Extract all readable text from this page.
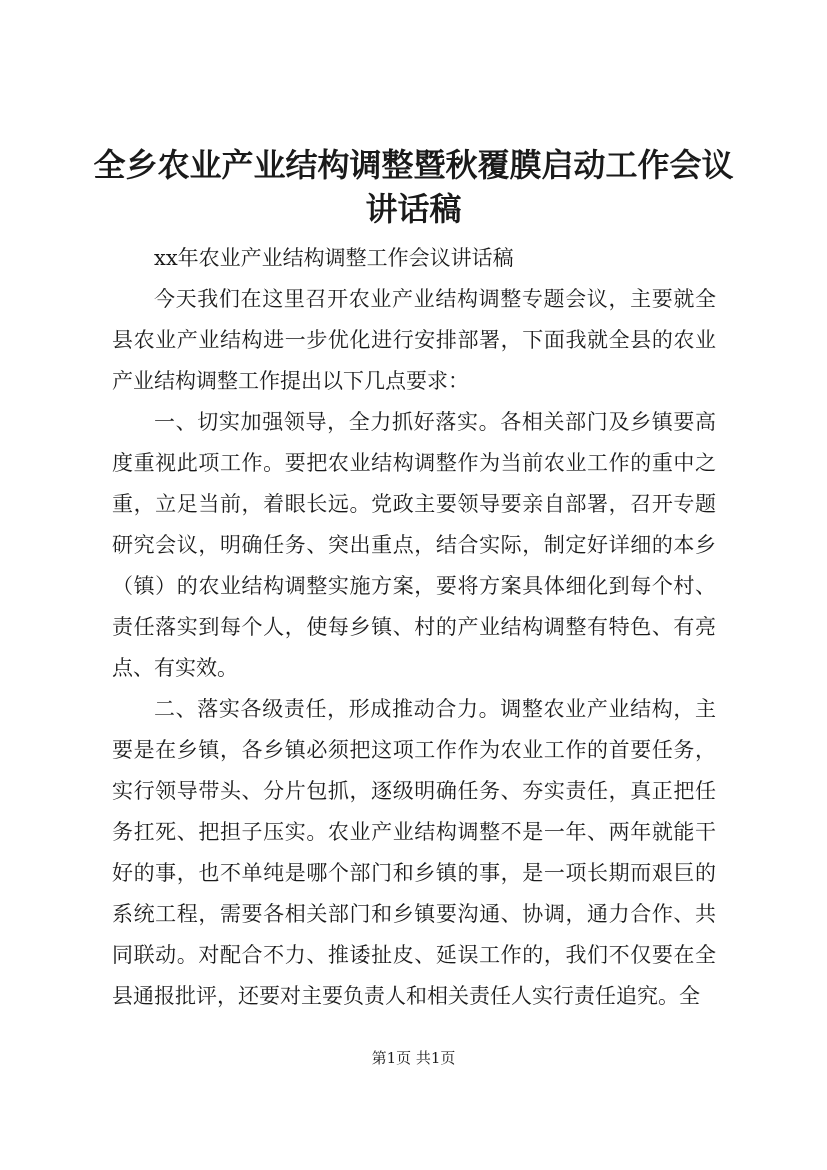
全乡农业产业结构调整暨秋覆膜启动工作会议
讲话稿

xx年农业产业结构调整工作会议讲话稿

今天我们在这里召开农业产业结构调整专题会议，主要就全县农业产业结构进一步优化进行安排部署，下面我就全县的农业产业结构调整工作提出以下几点要求：

一、切实加强领导，全力抓好落实。各相关部门及乡镇要高度重视此项工作。要把农业结构调整作为当前农业工作的重中之重，立足当前，着眼长远。党政主要领导要亲自部署，召开专题研究会议，明确任务、突出重点，结合实际，制定好详细的本乡（镇）的农业结构调整实施方案，要将方案具体细化到每个村、责任落实到每个人，使每乡镇、村的产业结构调整有特色、有亮点、有实效。

二、落实各级责任，形成推动合力。调整农业产业结构，主要是在乡镇，各乡镇必须把这项工作作为农业工作的首要任务，实行领导带头、分片包抓，逐级明确任务、夯实责任，真正把任务扛死、把担子压实。农业产业结构调整不是一年、两年就能干好的事，也不单纯是哪个部门和乡镇的事，是一项长期而艰巨的系统工程，需要各相关部门和乡镇要沟通、协调，通力合作、共同联动。对配合不力、推诿扯皮、延误工作的，我们不仅要在全县通报批评，还要对主要负责人和相关责任人实行责任追究。全

第1页 共1页
